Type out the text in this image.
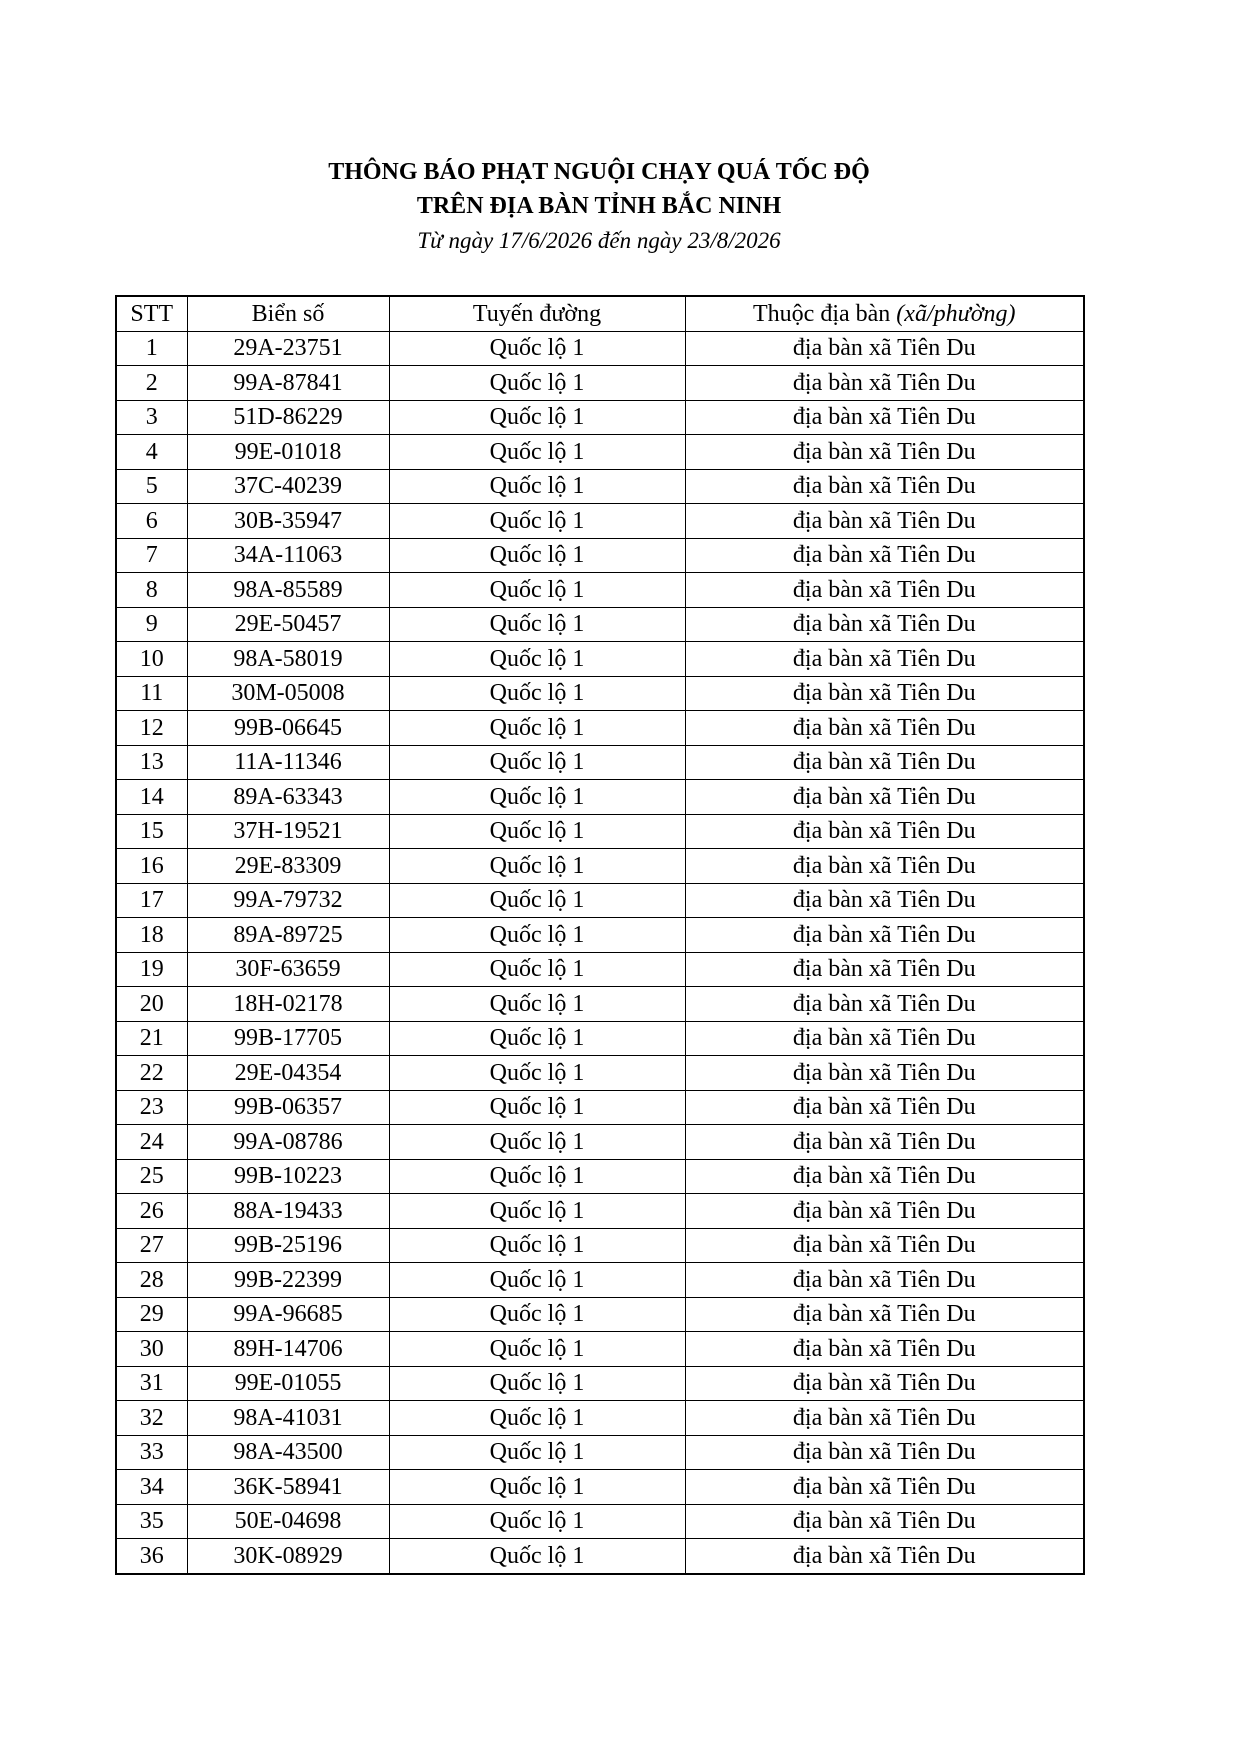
THÔNG BÁO PHẠT NGUỘI CHẠY QUÁ TỐC ĐỘ

TRÊN ĐỊA BÀN TỈNH BẮC NINH

Từ ngày 17/6/2026 đến ngày 23/8/2026

STT	Biển số	Tuyến đường	Thuộc địa bàn (xã/phường)
1	29A-23751	Quốc lộ 1	địa bàn xã Tiên Du
2	99A-87841	Quốc lộ 1	địa bàn xã Tiên Du
3	51D-86229	Quốc lộ 1	địa bàn xã Tiên Du
4	99E-01018	Quốc lộ 1	địa bàn xã Tiên Du
5	37C-40239	Quốc lộ 1	địa bàn xã Tiên Du
6	30B-35947	Quốc lộ 1	địa bàn xã Tiên Du
7	34A-11063	Quốc lộ 1	địa bàn xã Tiên Du
8	98A-85589	Quốc lộ 1	địa bàn xã Tiên Du
9	29E-50457	Quốc lộ 1	địa bàn xã Tiên Du
10	98A-58019	Quốc lộ 1	địa bàn xã Tiên Du
11	30M-05008	Quốc lộ 1	địa bàn xã Tiên Du
12	99B-06645	Quốc lộ 1	địa bàn xã Tiên Du
13	11A-11346	Quốc lộ 1	địa bàn xã Tiên Du
14	89A-63343	Quốc lộ 1	địa bàn xã Tiên Du
15	37H-19521	Quốc lộ 1	địa bàn xã Tiên Du
16	29E-83309	Quốc lộ 1	địa bàn xã Tiên Du
17	99A-79732	Quốc lộ 1	địa bàn xã Tiên Du
18	89A-89725	Quốc lộ 1	địa bàn xã Tiên Du
19	30F-63659	Quốc lộ 1	địa bàn xã Tiên Du
20	18H-02178	Quốc lộ 1	địa bàn xã Tiên Du
21	99B-17705	Quốc lộ 1	địa bàn xã Tiên Du
22	29E-04354	Quốc lộ 1	địa bàn xã Tiên Du
23	99B-06357	Quốc lộ 1	địa bàn xã Tiên Du
24	99A-08786	Quốc lộ 1	địa bàn xã Tiên Du
25	99B-10223	Quốc lộ 1	địa bàn xã Tiên Du
26	88A-19433	Quốc lộ 1	địa bàn xã Tiên Du
27	99B-25196	Quốc lộ 1	địa bàn xã Tiên Du
28	99B-22399	Quốc lộ 1	địa bàn xã Tiên Du
29	99A-96685	Quốc lộ 1	địa bàn xã Tiên Du
30	89H-14706	Quốc lộ 1	địa bàn xã Tiên Du
31	99E-01055	Quốc lộ 1	địa bàn xã Tiên Du
32	98A-41031	Quốc lộ 1	địa bàn xã Tiên Du
33	98A-43500	Quốc lộ 1	địa bàn xã Tiên Du
34	36K-58941	Quốc lộ 1	địa bàn xã Tiên Du
35	50E-04698	Quốc lộ 1	địa bàn xã Tiên Du
36	30K-08929	Quốc lộ 1	địa bàn xã Tiên Du
